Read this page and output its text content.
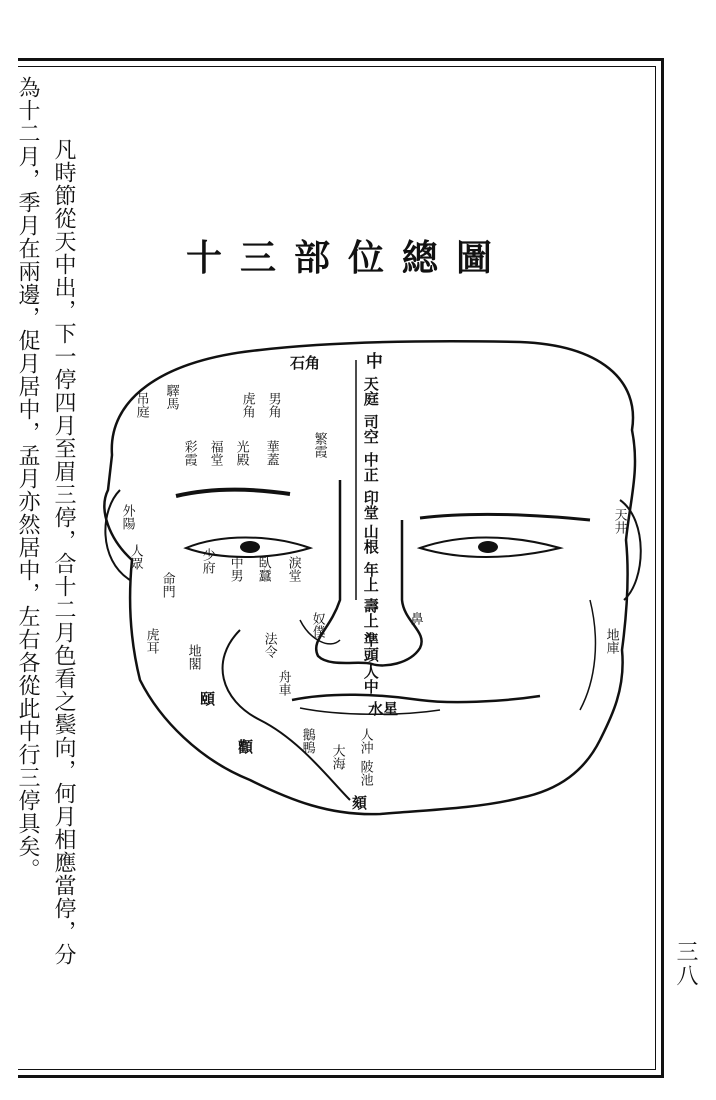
為十二月，季月在兩邊，促月居中，孟月亦然居中，左右各從此中行三停具矣。 凡時節從天中出，下一停四月至眉三停，合十二月色看之鬓向，何月相應當停，分	十三部位總圖
中
天庭
司空
中正
印堂
山根
年上
壽上
準頭
人中
石角
男角
虎角
驛馬
吊庭
華蓋
光殿
福堂
彩霞	繁霞
少府 中男 臥蠶 淚堂
外陽
人眾
命門
虎耳
地閣	法令
頤
顴
水星
奴僕	鼻
天井
地庫
人沖
陂池
鵝鴨
大海
舟車
頦
三八
